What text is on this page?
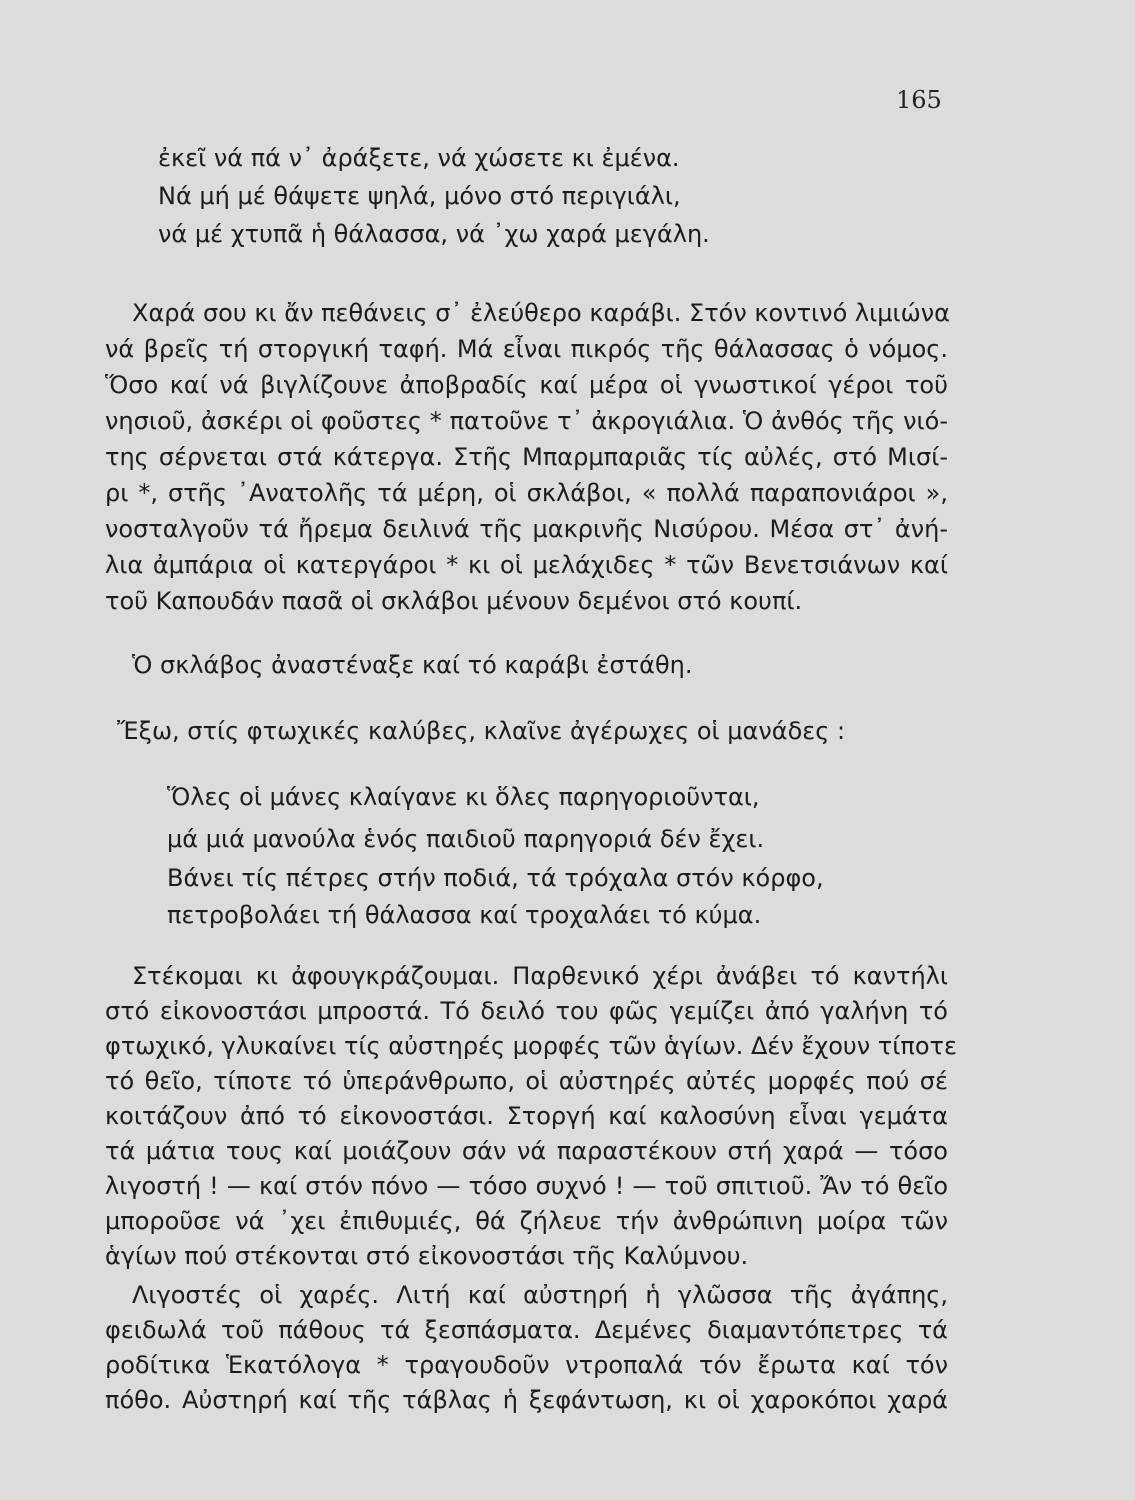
165
ἐκεῖ νά πά ν᾽ ἀράξετε, νά χώσετε κι ἐμένα.
Νά μή μέ θάψετε ψηλά, μόνο στό περιγιάλι,
νά μέ χτυπᾶ ἡ θάλασσα, νά ᾽χω χαρά μεγάλη.
Χαρά σου κι ἄν πεθάνεις σ᾽ ἐλεύθερο καράβι. Στόν κοντινό λιμιώνα
νά βρεῖς τή στοργική ταφή. Μά εἶναι πικρός τῆς θάλασσας ὁ νόμος.
Ὅσο καί νά βιγλίζουνε ἀποβραδίς καί μέρα οἱ γνωστικοί γέροι τοῦ
νησιοῦ, ἀσκέρι οἱ φοῦστες * πατοῦνε τ᾽ ἀκρογιάλια. Ὁ ἀνθός τῆς νιό-
της σέρνεται στά κάτεργα. Στῆς Μπαρμπαριᾶς τίς αὐλές, στό Μισί-
ρι *, στῆς ᾽Ανατολῆς τά μέρη, οἱ σκλάβοι, « πολλά παραπονιάροι »,
νοσταλγοῦν τά ἤρεμα δειλινά τῆς μακρινῆς Νισύρου. Μέσα στ᾽ ἀνή-
λια ἀμπάρια οἱ κατεργάροι * κι οἱ μελάχιδες * τῶν Βενετσιάνων καί
τοῦ Καπουδάν πασᾶ οἱ σκλάβοι μένουν δεμένοι στό κουπί.
Ὁ σκλάβος ἀναστέναξε καί τό καράβι ἐστάθη.
Ἔξω, στίς φτωχικές καλύβες, κλαῖνε ἀγέρωχες οἱ μανάδες :
Ὅλες οἱ μάνες κλαίγανε κι ὅλες παρηγοριοῦνται,
μά μιά μανούλα ἑνός παιδιοῦ παρηγοριά δέν ἔχει.
Βάνει τίς πέτρες στήν ποδιά, τά τρόχαλα στόν κόρφο,
πετροβολάει τή θάλασσα καί τροχαλάει τό κύμα.
Στέκομαι κι ἀφουγκράζουμαι. Παρθενικό χέρι ἀνάβει τό καντήλι
στό εἰκονοστάσι μπροστά. Τό δειλό του φῶς γεμίζει ἀπό γαλήνη τό
φτωχικό, γλυκαίνει τίς αὐστηρές μορφές τῶν ἁγίων. Δέν ἔχουν τίποτε
τό θεῖο, τίποτε τό ὑπεράνθρωπο, οἱ αὐστηρές αὐτές μορφές πού σέ
κοιτάζουν ἀπό τό εἰκονοστάσι. Στοργή καί καλοσύνη εἶναι γεμάτα
τά μάτια τους καί μοιάζουν σάν νά παραστέκουν στή χαρά — τόσο
λιγοστή ! — καί στόν πόνο — τόσο συχνό ! — τοῦ σπιτιοῦ. Ἄν τό θεῖο
μποροῦσε νά ᾽χει ἐπιθυμιές, θά ζήλευε τήν ἀνθρώπινη μοίρα τῶν
ἁγίων πού στέκονται στό εἰκονοστάσι τῆς Καλύμνου.
Λιγοστές οἱ χαρές. Λιτή καί αὐστηρή ἡ γλῶσσα τῆς ἀγάπης,
φειδωλά τοῦ πάθους τά ξεσπάσματα. Δεμένες διαμαντόπετρες τά
ροδίτικα Ἑκατόλογα * τραγουδοῦν ντροπαλά τόν ἔρωτα καί τόν
πόθο. Αὐστηρή καί τῆς τάβλας ἡ ξεφάντωση, κι οἱ χαροκόποι χαρά
